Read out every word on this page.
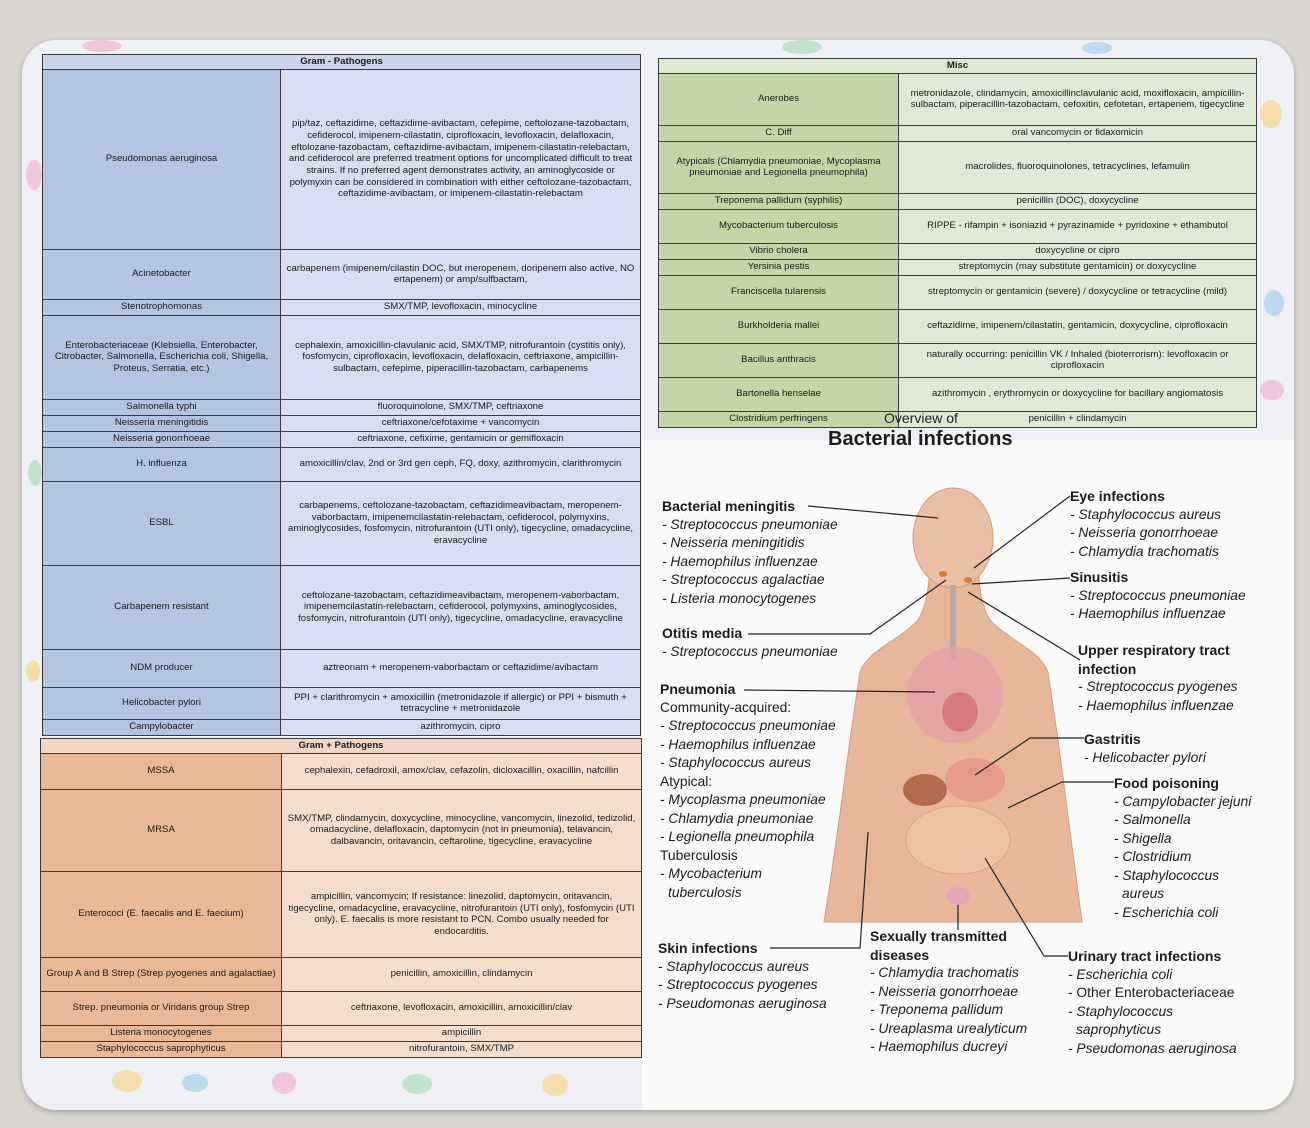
Gram - Pathogens	
Pseudomonas aeruginosa	pip/taz, ceftazidime, ceftazidime-avibactam, cefepime, ceftolozane-tazobactam, cefiderocol, imipenem-cilastatin, ciprofloxacin, levofloxacin, delafloxacin, eftolozane-tazobactam, ceftazidime-avibactam, imipenem-cilastatin-relebactam, and cefiderocol are preferred treatment options for uncomplicated difficult to treat strains. If no preferred agent demonstrates activity, an aminoglycoside or polymyxin can be considered in combination with either ceftolozane-tazobactam, ceftazidime-avibactam, or imipenem-cilastatin-relebactam
Acinetobacter	carbapenem (imipenem/cilastin DOC, but meropenem, doripenem also active, NO ertapenem) or amp/sulfbactam,
Stenotrophomonas	SMX/TMP, levofloxacin, minocycline
Enterobacteriaceae (Klebsiella, Enterobacter, Citrobacter, Salmonella, Escherichia coli, Shigella, Proteus, Serratia, etc.)	cephalexin, amoxicillin-clavulanic acid, SMX/TMP, nitrofurantoin (cystitis only), fosfomycin, ciprofloxacin, levofloxacin, delafloxacin, ceftriaxone, ampicillin-sulbactam, cefepime, piperacillin-tazobactam, carbapenems
Salmonella typhi	fluoroquinolone, SMX/TMP, ceftriaxone
Neisseria meningitidis	ceftriaxone/cefotaxime + vancomycin
Neisseria gonorrhoeae	ceftriaxone, cefixime, gentamicin or gemifloxacin
H. influenza	amoxicillin/clav, 2nd or 3rd gen ceph, FQ, doxy, azithromycin, clarithromycin
ESBL	carbapenems, ceftolozane-tazobactam, ceftazidimeavibactam, meropenem-vaborbactam, imipenemcilastatin-relebactam, cefiderocol, polymyxins, aminoglycosides, fosfomycin, nitrofurantoin (UTI only), tigecycline, omadacycline, eravacycline
Carbapenem resistant	ceftolozane-tazobactam, ceftazidimeavibactam, meropenem-vaborbactam, imipenemcilastatin-relebactam, cefiderocol, polymyxins, aminoglycosides, fosfomycin, nitrofurantoin (UTI only), tigecycline, omadacycline, eravacycline
NDM producer	aztreonam + meropenem-vaborbactam or ceftazidime/avibactam
Helicobacter pylori	PPI + clarithromycin + amoxicillin (metronidazole if allergic) or PPI + bismuth + tetracycline + metronidazole
Campylobacter	azithromycin, cipro
Gram + Pathogens	
MSSA	cephalexin, cefadroxil, amox/clav, cefazolin, dicloxacillin, oxacillin, nafcillin
MRSA	SMX/TMP, clindamycin, doxycycline, minocycline, vancomycin, linezolid, tedizolid, omadacycline, delafloxacin, daptomycin (not in pneumonia), telavancin, dalbavancin, oritavancin, ceftaroline, tigecycline, eravacycline
Enterococi (E. faecalis and E. faecium)	ampicillin, vancomycin; If resistance: linezolid, daptomycin, oritavancin, tigecycline, omadacycline, eravacycline, nitrofurantoin (UTI only), fosfomycin (UTI only). E. faecalis is more resistant to PCN. Combo usually needed for endocarditis.
Group A and B Strep (Strep pyogenes and agalactiae)	penicillin, amoxicillin, clindamycin
Strep. pneumonia or Viridans group Strep	ceftriaxone, levofloxacin, amoxicillin, amoxicillin/clav
Listeria monocytogenes	ampicillin
Staphylococcus saprophyticus	nitrofurantoin, SMX/TMP
Misc	
Anerobes	metronidazole, clindamycin, amoxicillinclavulanic acid, moxifloxacin, ampicillin-sulbactam, piperacillin-tazobactam, cefoxitin, cefotetan, ertapenem, tigecycline
C. Diff	oral vancomycin or fidaxomicin
Atypicals (Chlamydia pneumoniae, Mycoplasma pneumoniae and Legionella pneumophila)	macrolides, fluoroquinolones, tetracyclines, lefamulin
Treponema pallidum (syphilis)	penicillin (DOC), doxycycline
Mycobacterium tuberculosis	RIPPE - rifampin + isoniazid + pyrazinamide + pyridoxine + ethambutol
Vibrio cholera	doxycycline or cipro
Yersinia pestis	streptomycin (may substitute gentamicin) or doxycycline
Franciscella tularensis	streptomycin or gentamicin (severe) / doxycycline or tetracycline (mild)
Burkholderia mallei	ceftazidime, imipenem/cilastatin, gentamicin, doxycycline, ciprofloxacin
Bacillus anthracis	naturally occurring: penicillin VK / Inhaled (bioterrorism): levofloxacin or ciprofloxacin
Bartonella henselae	azithromycin , erythromycin or doxycycline for bacillary angiomatosis
Clostridium perfringens	penicillin + clindamycin
Overview of
Bacterial infections
Bacterial meningitis
- Streptococcus pneumoniae
- Neisseria meningitidis
- Haemophilus influenzae
- Streptococcus agalactiae
- Listeria monocytogenes
Otitis media
- Streptococcus pneumoniae
Pneumonia
Community-acquired:
- Streptococcus pneumoniae
- Haemophilus influenzae
- Staphylococcus aureus
Atypical:
- Mycoplasma pneumoniae
- Chlamydia pneumoniae
- Legionella pneumophila
Tuberculosis
- Mycobacterium
tuberculosis
Skin infections
- Staphylococcus aureus
- Streptococcus pyogenes
- Pseudomonas aeruginosa
Sexually transmitted
diseases
- Chlamydia trachomatis
- Neisseria gonorrhoeae
- Treponema pallidum
- Ureaplasma urealyticum
- Haemophilus ducreyi
Eye infections
- Staphylococcus aureus
- Neisseria gonorrhoeae
- Chlamydia trachomatis
Sinusitis
- Streptococcus pneumoniae
- Haemophilus influenzae
Upper respiratory tract
infection
- Streptococcus pyogenes
- Haemophilus influenzae
Gastritis
- Helicobacter pylori
Food poisoning
- Campylobacter jejuni
- Salmonella
- Shigella
- Clostridium
- Staphylococcus
aureus
- Escherichia coli
Urinary tract infections
- Escherichia coli
- Other Enterobacteriaceae
- Staphylococcus
saprophyticus
- Pseudomonas aeruginosa
